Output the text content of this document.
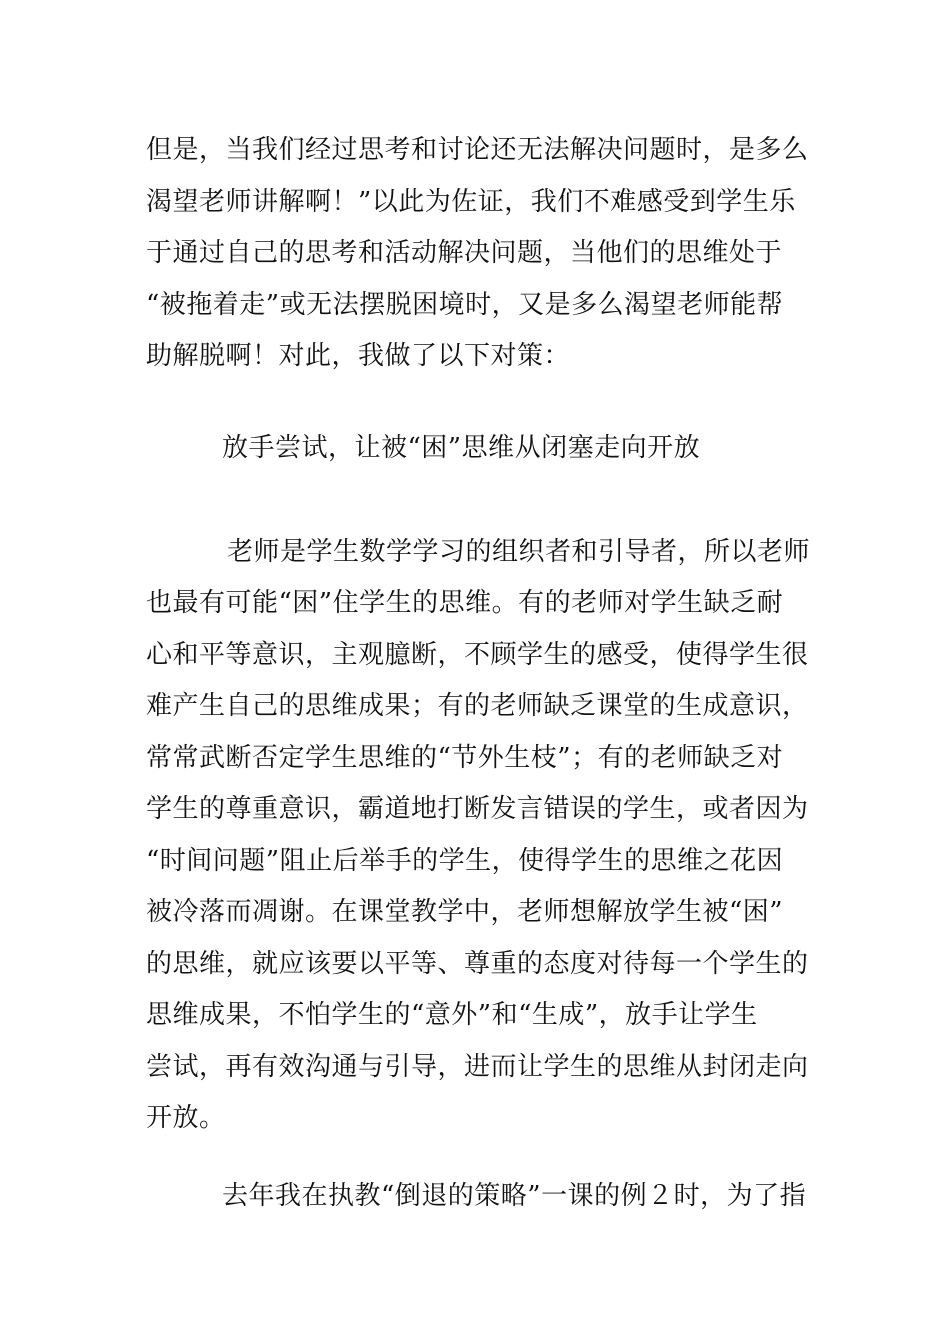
但是，当我们经过思考和讨论还无法解决问题时，是多么
渴望老师讲解啊！”以此为佐证，我们不难感受到学生乐
于通过自己的思考和活动解决问题，当他们的思维处于
“被拖着走”或无法摆脱困境时，又是多么渴望老师能帮
助解脱啊！对此，我做了以下对策：
放手尝试，让被“困”思维从闭塞走向开放
老师是学生数学学习的组织者和引导者，所以老师
也最有可能“困”住学生的思维。有的老师对学生缺乏耐
心和平等意识，主观臆断，不顾学生的感受，使得学生很
难产生自己的思维成果；有的老师缺乏课堂的生成意识，
常常武断否定学生思维的“节外生枝”；有的老师缺乏对
学生的尊重意识，霸道地打断发言错误的学生，或者因为
“时间问题”阻止后举手的学生，使得学生的思维之花因
被冷落而凋谢。在课堂教学中，老师想解放学生被“困”
的思维，就应该要以平等、尊重的态度对待每一个学生的
思维成果，不怕学生的“意外”和“生成”，放手让学生
尝试，再有效沟通与引导，进而让学生的思维从封闭走向
开放。
去年我在执教“倒退的策略”一课的例２时，为了指
